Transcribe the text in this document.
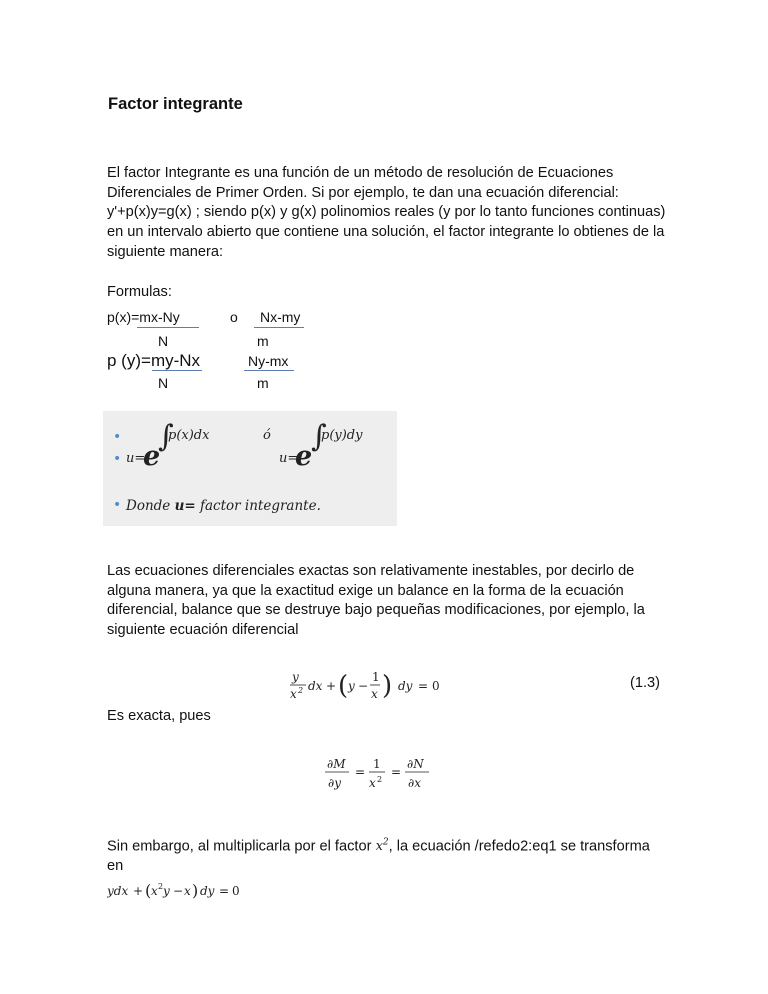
Factor integrante
El factor Integrante es una función de un método de resolución de Ecuaciones Diferenciales de Primer Orden. Si por ejemplo, te dan una ecuación diferencial: y'+p(x)y=g(x) ; siendo p(x) y g(x) polinomios reales (y por lo tanto funciones continuas) en un intervalo abierto que contiene una solución, el factor integrante lo obtienes de la siguiente manera:
Formulas:
p(x)=mx-Ny	o Nx-my
N	m
p (y)=my-Nx	Ny-mx
N	m
•
• u=
e
∫
p(x)dx	ó
u=
e
∫
p(y)dy
• Donde u= factor integrante.
Las ecuaciones diferenciales exactas son relativamente inestables, por decirlo de alguna manera, ya que la exactitud exige un balance en la forma de la ecuación diferencial, balance que se destruye bajo pequeñas modificaciones, por ejemplo, la siguiente ecuación diferencial
y
x 2 dx + ( y −
1
x ) dy = 0	(1.3)
Es exacta, pues
∂M
∂y
=
1
x 2
=
∂N
∂x
Sin embargo, al multiplicarla por el factor $x^2$, la ecuación /refedo2:eq1 se transforma en
ydx + ( x 2 y − x ) dy = 0
